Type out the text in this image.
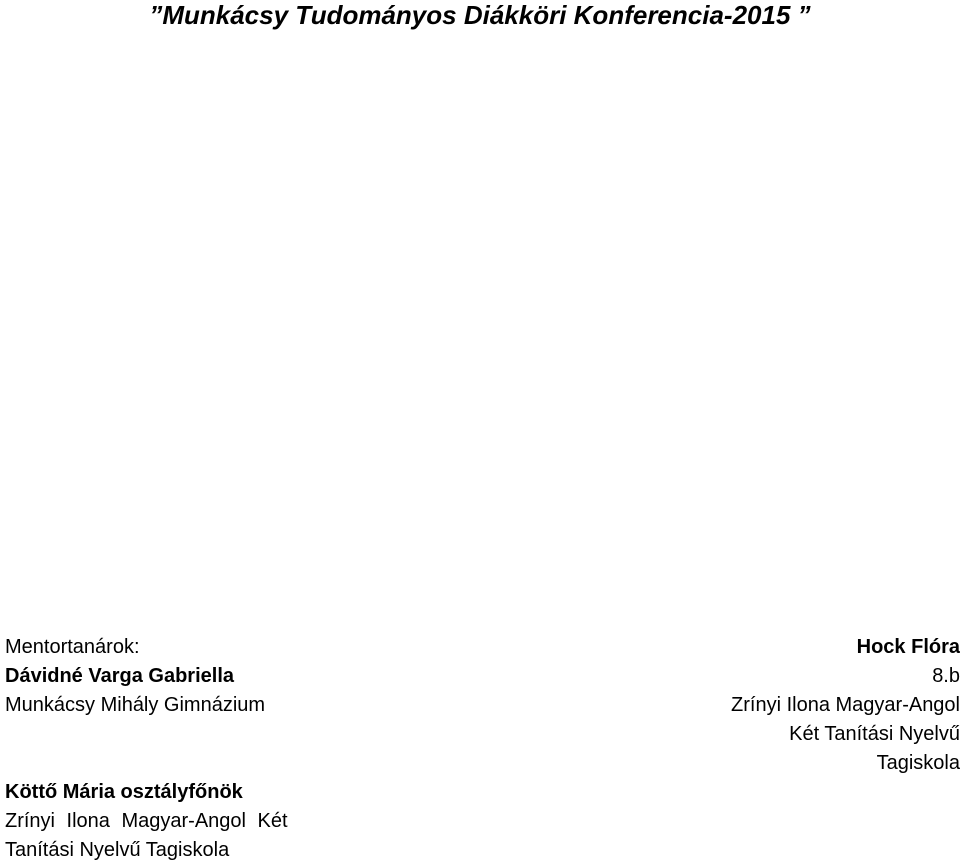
”Munkácsy Tudományos Diákköri Konferencia-2015 ”
Mentortanárok:
Dávidné Varga Gabriella
Munkácsy Mihály Gimnázium
Köttő Mária osztályfőnök
Zrínyi Ilona Magyar-Angol Két
Tanítási Nyelvű Tagiskola
Hock Flóra
8.b
Zrínyi Ilona Magyar-Angol
Két Tanítási Nyelvű
Tagiskola
